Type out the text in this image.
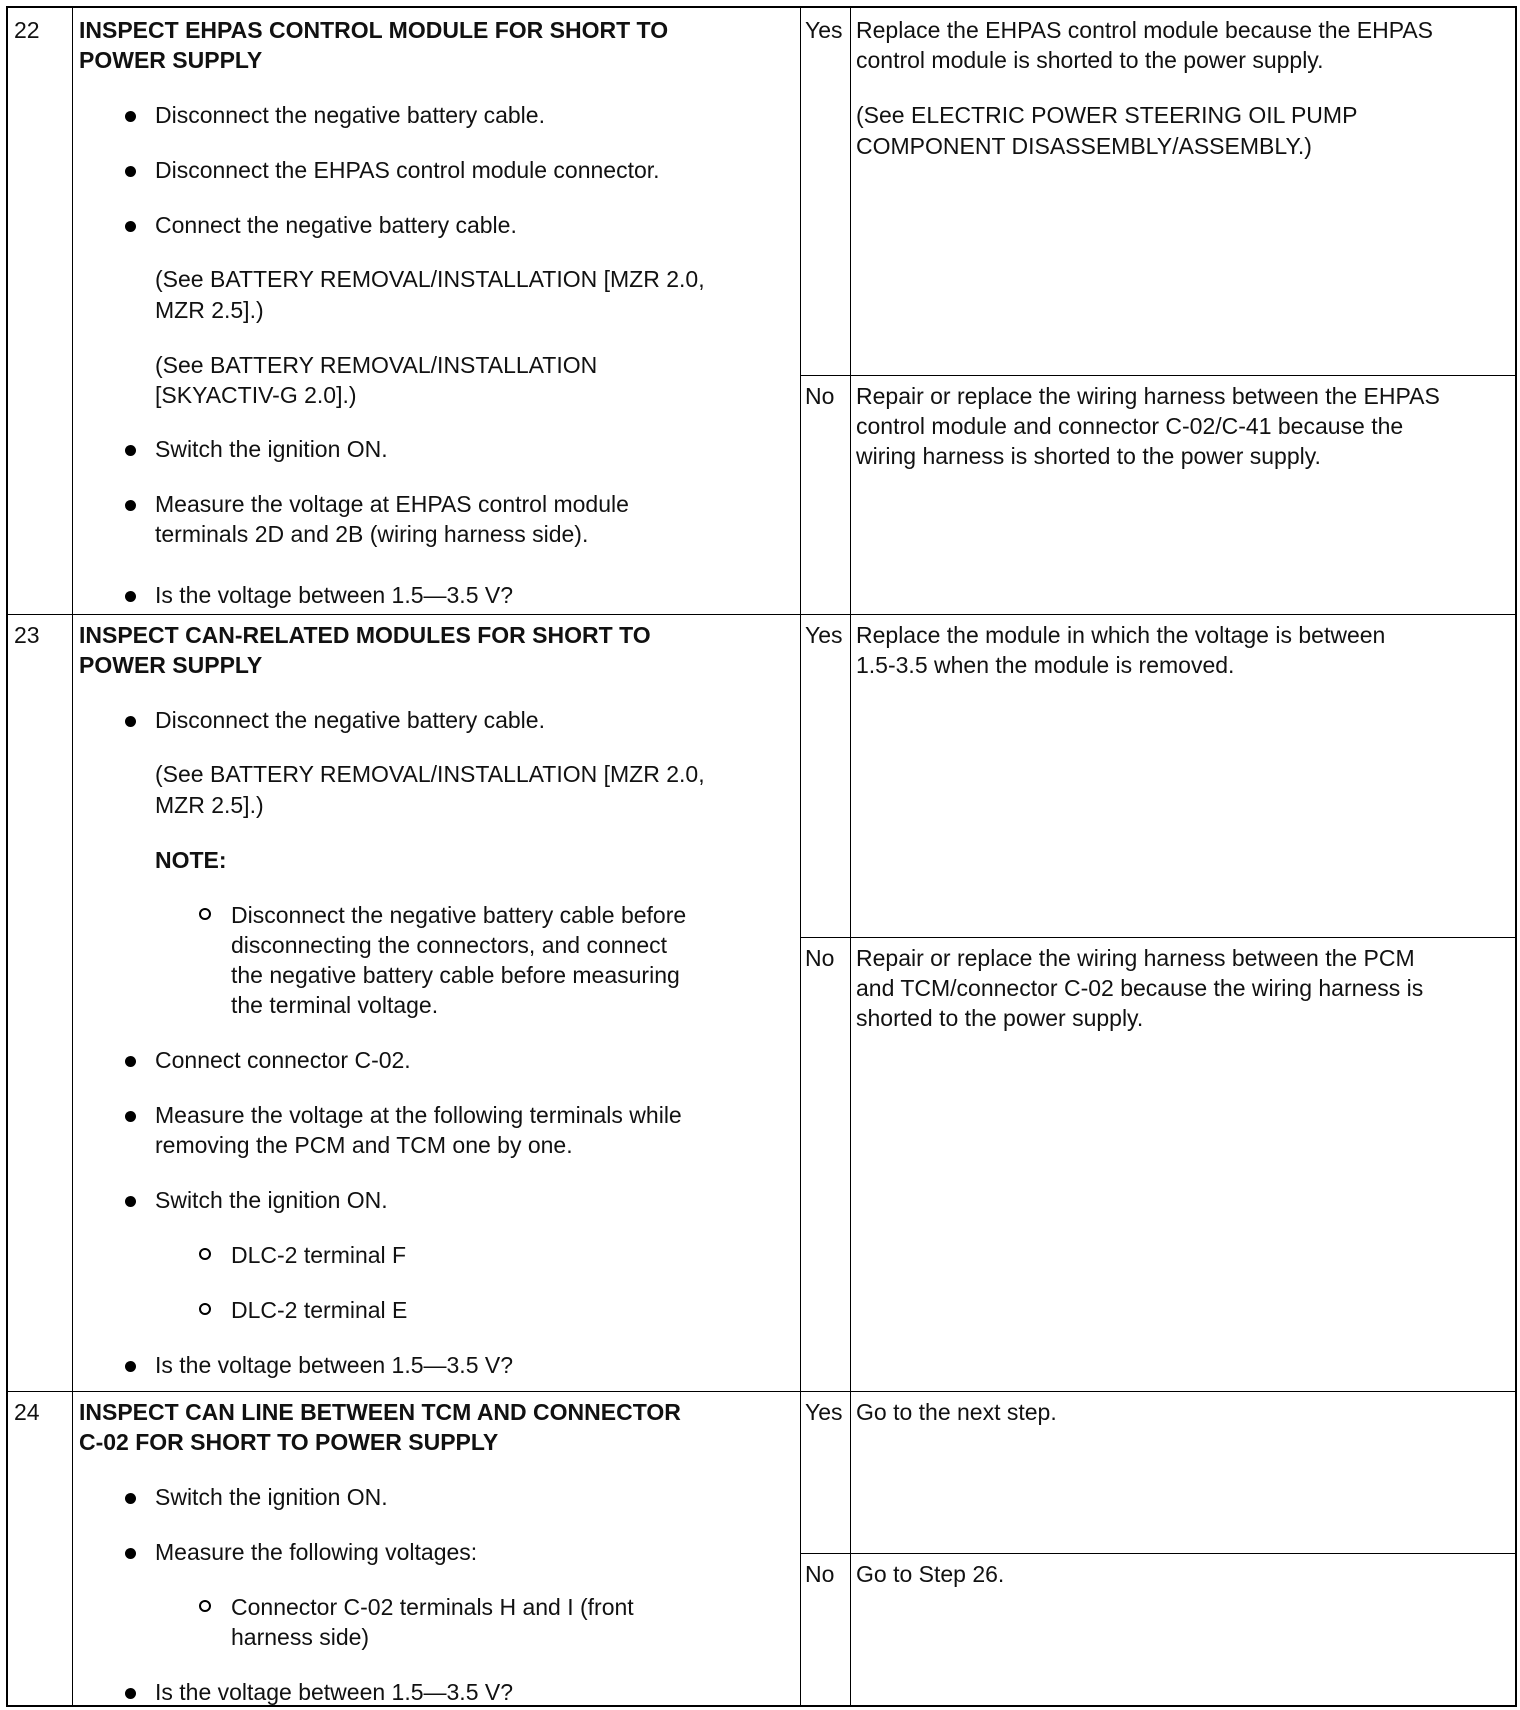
22 INSPECT EHPAS CONTROL MODULE FOR SHORT TO
POWER SUPPLY
Disconnect the negative battery cable.
Disconnect the EHPAS control module connector.
Connect the negative battery cable.
(See BATTERY REMOVAL/INSTALLATION [MZR 2.0,
MZR 2.5].)
(See BATTERY REMOVAL/INSTALLATION
[SKYACTIV-G 2.0].)
Switch the ignition ON.
Measure the voltage at EHPAS control module
terminals 2D and 2B (wiring harness side).
Is the voltage between 1.5—3.5 V?
Yes Replace the EHPAS control module because the EHPAS
control module is shorted to the power supply.
(See ELECTRIC POWER STEERING OIL PUMP
COMPONENT DISASSEMBLY/ASSEMBLY.)
No Repair or replace the wiring harness between the EHPAS
control module and connector C-02/C-41 because the
wiring harness is shorted to the power supply.
23 INSPECT CAN-RELATED MODULES FOR SHORT TO
POWER SUPPLY
Disconnect the negative battery cable.
(See BATTERY REMOVAL/INSTALLATION [MZR 2.0,
MZR 2.5].)
NOTE:
Disconnect the negative battery cable before
disconnecting the connectors, and connect
the negative battery cable before measuring
the terminal voltage.
Connect connector C-02.
Measure the voltage at the following terminals while
removing the PCM and TCM one by one.
Switch the ignition ON.
DLC-2 terminal F
DLC-2 terminal E
Is the voltage between 1.5—3.5 V?
Yes Replace the module in which the voltage is between
1.5-3.5 when the module is removed.
No Repair or replace the wiring harness between the PCM
and TCM/connector C-02 because the wiring harness is
shorted to the power supply.
24 INSPECT CAN LINE BETWEEN TCM AND CONNECTOR
C-02 FOR SHORT TO POWER SUPPLY
Switch the ignition ON.
Measure the following voltages:
Connector C-02 terminals H and I (front
harness side)
Is the voltage between 1.5—3.5 V?
Yes Go to the next step.
No Go to Step 26.
